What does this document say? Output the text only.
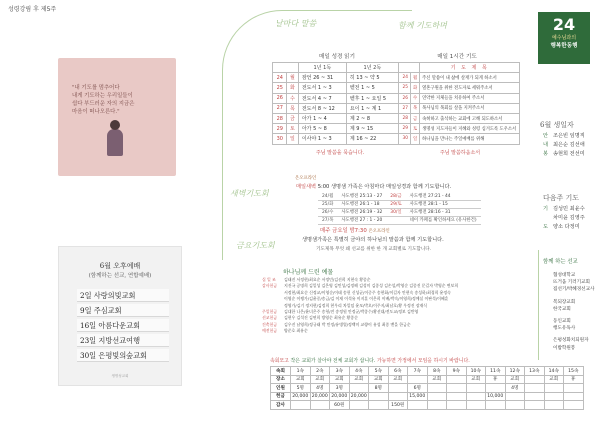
성령강림 후 제5주
"내 기도를 멈추어다
내게 기도하는 우리일들이
쉽다 부드러운 자의 지금은
마음이 떠나오른다."
6월 오후예배
(함께하는 선교, 연합예배)
2일 사랑의빛교회
9일 주심교회
16일 아름다운교회
23일 지방선교여행
30일 은평빛의숲교회
생명성교회
날마다 말씀	함께 기도하며	24
예수님과의
행복한동행
매일 성경 읽기
		1년 1독	1년 2독
24	월	잠언 26 ~ 31	히 13 ~ 약 5
25	화	전도서 1 ~ 3	벧전 1 ~ 5
26	수	전도서 4 ~ 7	벧후 1 ~ 요일 5
27	목	전도서 8 ~ 12	요이 1 ~ 계 1
28	금	아가 1 ~ 4	계 2 ~ 8
29	토	아가 5 ~ 8	계 9 ~ 15
30	일	이사야 1 ~ 3	계 16 ~ 22
주님 말씀을 묵습니다.
매일 1시간 기도
		기 도 제 목
24	월	주신 말씀이 내 삶에 살재가 되게 하소서
25	화	열혼구원을 위한 전도자로 세워주소서
26	수	연약한 지체들을 치유하여 주소서
27	목	목사님의 목회를 살을 지켜주소서
28	금	속혀하고 출석하는 교회에 고해 되도하소서
29	토	생명성 지도자들이 지혜와 성령 심겨도록 도우소서
30	일	하나님을 만나는 주일예배를 위해
주님 말씀하옵소서
온오프라인
새벽기도회
매일새벽 5:00 생명샘 가족은 아침마다 매일성경과 함께 기도합니다.
24/월	사도행전 25:13 - 27	28/금	사도행전 27:21 - 44
25/화	사도행전 26:1 - 18	29/토	사도행전 28:1 - 15
26/수	사도행전 26:19 - 32	30/일	사도행전 28:16 - 31
27/목	사도행전 27 : 1 - 20		네이 카페를 확인하세요 (유사한건)
금요기도회
매주 금요일 밤7:30 온오프라인
생명샘가족은 특별히 금야의 하나님의 말씀과 함께 기도합니다.
기도제목 무엇 왜 선교를 위한 한 개 교회별로 기도합니다.
하나님께 드린 예물
십 일 조	김태진 서정현/최요순 서정민/김선희 지현숙 황종순
감사헌금	지진국 공명희 김일성 김은영 김민성/김정해 김성미 김종성 김손섭/박영순 김종진 문길자 박영순 변보희
서정현/최요순 신정교/이영순/이태 송헌 신성균/이중주 송현화/이길자 안현숙 송성하/최경희 윤정숙
이영순 이쟁가/김윤중/송금/김 이재 이석유 이지훈 이은희 이배/박숙/이영희/정예실 이판석/이혜훈
정영가/김기 정지현/김정희 현우리 차일임 윤모/박오/이주지/최남호/황 우정진 장재식
주일헌금	김대한 나은/윤녀은주 송형/전 송정원 안정균/박종수/황선대/전도교/정보 김반영
선교헌금	김현우 김석진 김연희 방영순 최유순 황종순
건축헌금	김우진 남영희/정규태 박 민정/유병열/정백미 교량이 유성 최종 맨을 한금순
예전헌금	양준호 최유순
속회모고 작은 교회가 살아야 전체 교회가 삽니다. 가능하면 가정에서 모임을 하시기 바랍니다.
속회	1속	2속	3속	4속	5속	6속	7속	8속	9속	10속	11속	12속	13속	14속	15속
장소	교회	교회	교회	교회	교회	교회		교회		교회	휴	교회		교회	휴
인원	5명	4명	3명		8명		6명					4명			
헌금	20,000	20,000	20,000	20,000			15,000				10,000				
감사			60원			150원									
6월 생일자
안 조은빈 임명직
내 최은순 김선애
봉 송현희 전선미
다음주 기도
기 김성민 최윤수
차미윤 김영주
도 양소 다정미
함께 하는 선교
협성대학교
뜨거움 기러기교회
집선기/박혜경선교사
복되장교회
한국교회
동인교회
행도유독사
은평성화치되원자
이밥학원봉
